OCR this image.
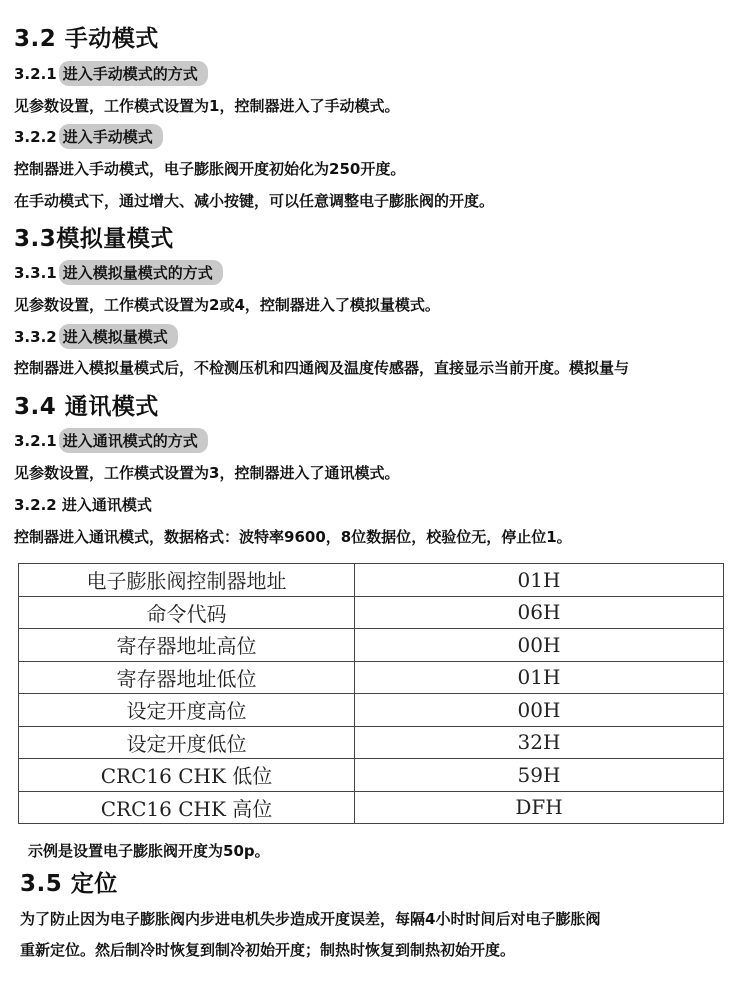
3.2 手动模式
3.2.1 进入手动模式的方式
见参数设置，工作模式设置为1，控制器进入了手动模式。
3.2.2 进入手动模式
控制器进入手动模式，电子膨胀阀开度初始化为250开度。
在手动模式下，通过增大、减小按键，可以任意调整电子膨胀阀的开度。
3.3模拟量模式
3.3.1 进入模拟量模式的方式
见参数设置，工作模式设置为2或4，控制器进入了模拟量模式。
3.3.2 进入模拟量模式
控制器进入模拟量模式后，不检测压机和四通阀及温度传感器，直接显示当前开度。模拟量与
3.4 通讯模式
3.2.1 进入通讯模式的方式
见参数设置，工作模式设置为3，控制器进入了通讯模式。
3.2.2 进入通讯模式
控制器进入通讯模式，数据格式：波特率9600，8位数据位，校验位无，停止位1。
电子膨胀阀控制器地址	01H
命令代码	06H
寄存器地址高位	00H
寄存器地址低位	01H
设定开度高位	00H
设定开度低位	32H
CRC16 CHK 低位	59H
CRC16 CHK 高位	DFH
示例是设置电子膨胀阀开度为50p。
3.5 定位
为了防止因为电子膨胀阀内步进电机失步造成开度误差，每隔4小时时间后对电子膨胀阀
重新定位。然后制冷时恢复到制冷初始开度；制热时恢复到制热初始开度。
